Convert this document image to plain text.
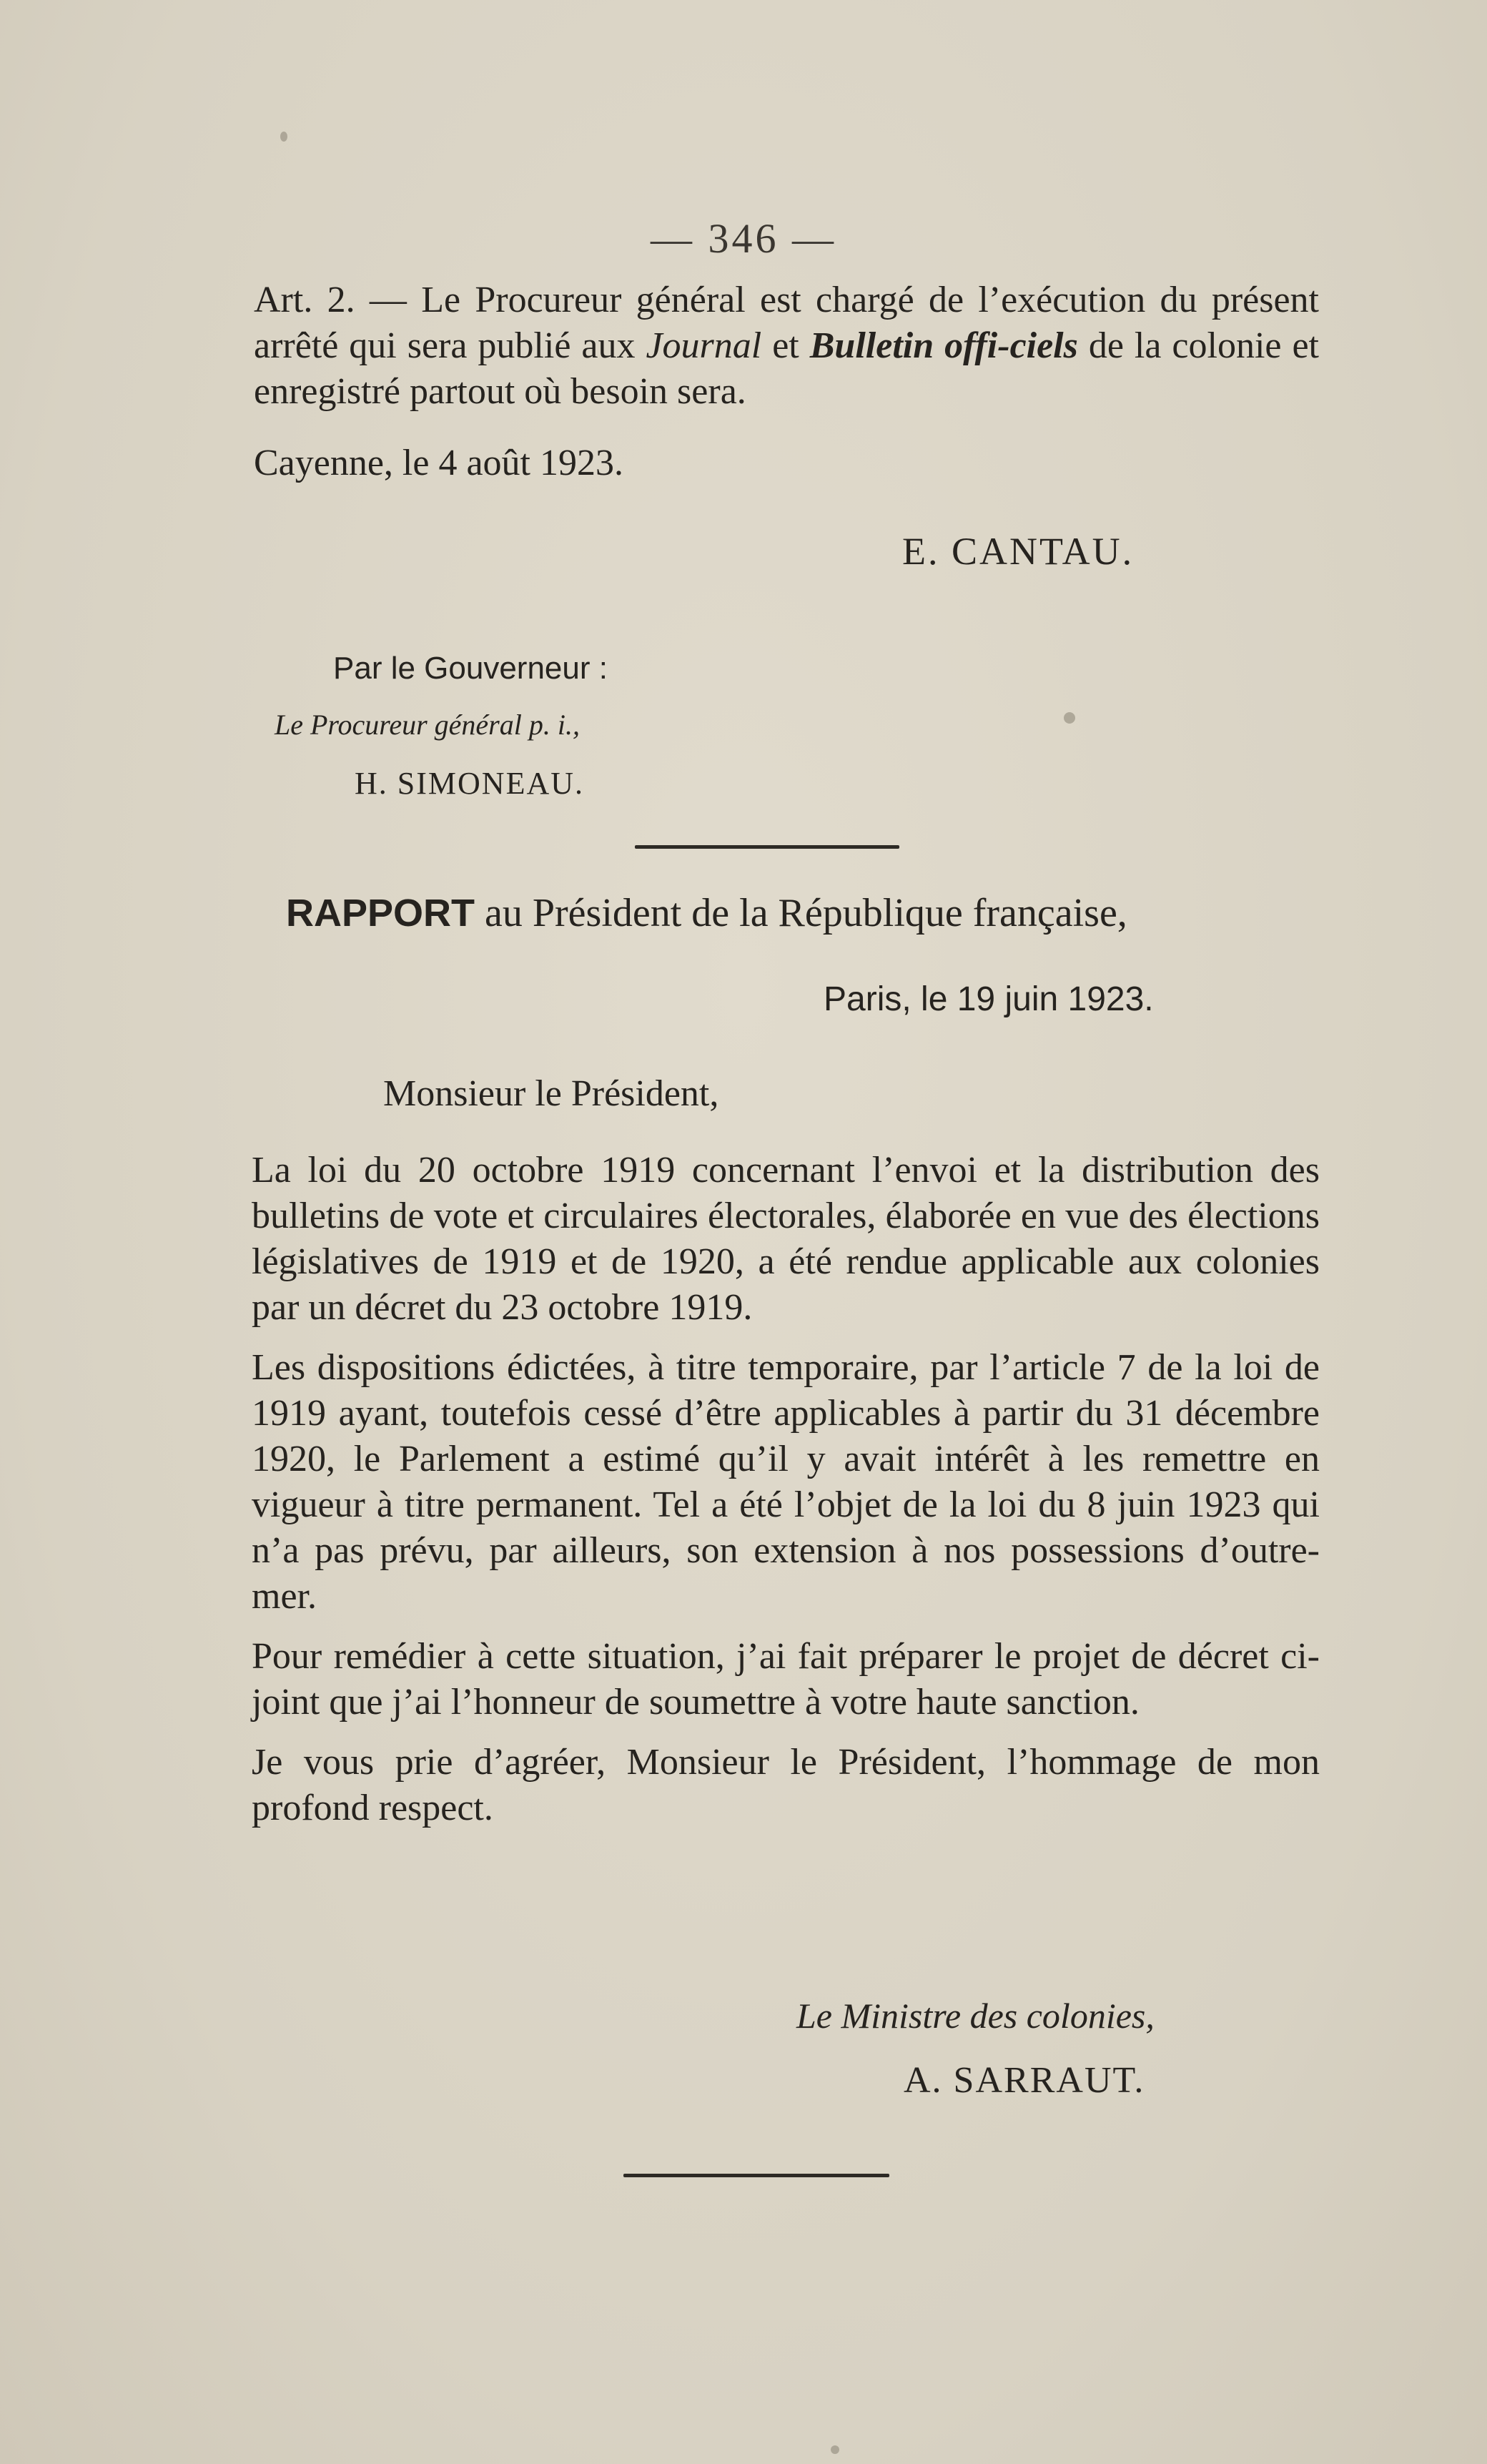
— 346 —

Art. 2. — Le Procureur général est chargé de l’exécution du présent arrêté qui sera publié aux Journal et Bulletin offi-ciels de la colonie et enregistré partout où besoin sera.

Cayenne, le 4 août 1923.
E. CANTAU.
Par le Gouverneur :
Le Procureur général p. i.,
H. SIMONEAU.
RAPPORT au Président de la République française,
Paris, le 19 juin 1923.
Monsieur le Président,

La loi du 20 octobre 1919 concernant l’envoi et la distribution des bulletins de vote et circulaires électorales, élaborée en vue des élections législatives de 1919 et de 1920, a été rendue applicable aux colonies par un décret du 23 octobre 1919.

Les dispositions édictées, à titre temporaire, par l’article 7 de la loi de 1919 ayant, toutefois cessé d’être applicables à partir du 31 décembre 1920, le Parlement a estimé qu’il y avait intérêt à les remettre en vigueur à titre permanent. Tel a été l’objet de la loi du 8 juin 1923 qui n’a pas prévu, par ailleurs, son extension à nos possessions d’outre-mer.

Pour remédier à cette situation, j’ai fait préparer le projet de décret ci-joint que j’ai l’honneur de soumettre à votre haute sanction.

Je vous prie d’agréer, Monsieur le Président, l’hommage de mon profond respect.

Le Ministre des colonies,
A. SARRAUT.
